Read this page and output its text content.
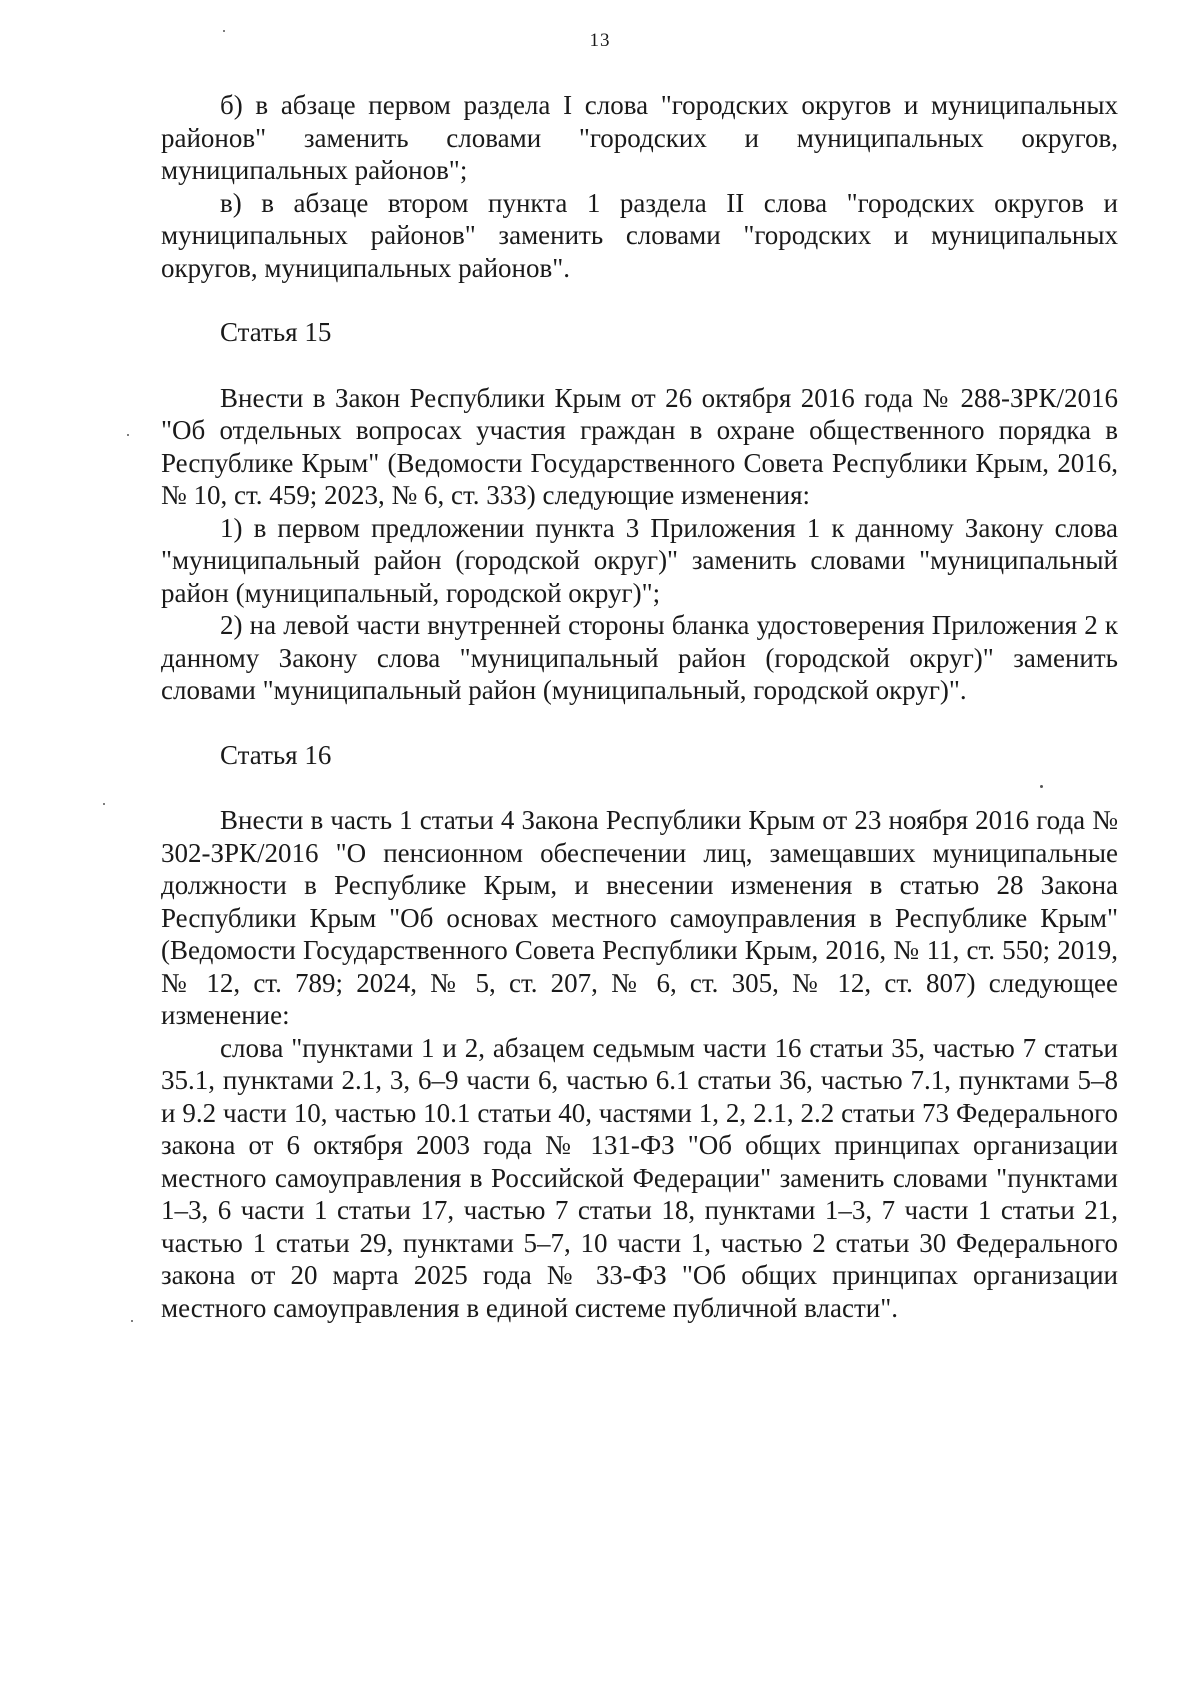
13

б) в абзаце первом раздела I слова "городских округов и муниципальных районов" заменить словами "городских и муниципальных округов, муниципальных районов";

в) в абзаце втором пункта 1 раздела II слова "городских округов и муниципальных районов" заменить словами "городских и муниципальных округов, муниципальных районов".

Статья 15

Внести в Закон Республики Крым от 26 октября 2016 года № 288-ЗРК/2016 "Об отдельных вопросах участия граждан в охране общественного порядка в Республике Крым" (Ведомости Государственного Совета Республики Крым, 2016, № 10, ст. 459; 2023, № 6, ст. 333) следующие изменения:

1) в первом предложении пункта 3 Приложения 1 к данному Закону слова "муниципальный район (городской округ)" заменить словами "муниципальный район (муниципальный, городской округ)";

2) на левой части внутренней стороны бланка удостоверения Приложения 2 к данному Закону слова "муниципальный район (городской округ)" заменить словами "муниципальный район (муниципальный, городской округ)".

Статья 16

Внести в часть 1 статьи 4 Закона Республики Крым от 23 ноября 2016 года № 302-ЗРК/2016 "О пенсионном обеспечении лиц, замещавших муниципальные должности в Республике Крым, и внесении изменения в статью 28 Закона Республики Крым "Об основах местного самоуправления в Республике Крым" (Ведомости Государственного Совета Республики Крым, 2016, № 11, ст. 550; 2019, № 12, ст. 789; 2024, № 5, ст. 207, № 6, ст. 305, № 12, ст. 807) следующее изменение:

слова "пунктами 1 и 2, абзацем седьмым части 16 статьи 35, частью 7 статьи 35.1, пунктами 2.1, 3, 6–9 части 6, частью 6.1 статьи 36, частью 7.1, пунктами 5–8 и 9.2 части 10, частью 10.1 статьи 40, частями 1, 2, 2.1, 2.2 статьи 73 Федерального закона от 6 октября 2003 года № 131-ФЗ "Об общих принципах организации местного самоуправления в Российской Федерации" заменить словами "пунктами 1–3, 6 части 1 статьи 17, частью 7 статьи 18, пунктами 1–3, 7 части 1 статьи 21, частью 1 статьи 29, пунктами 5–7, 10 части 1, частью 2 статьи 30 Федерального закона от 20 марта 2025 года № 33-ФЗ "Об общих принципах организации местного самоуправления в единой системе публичной власти".
